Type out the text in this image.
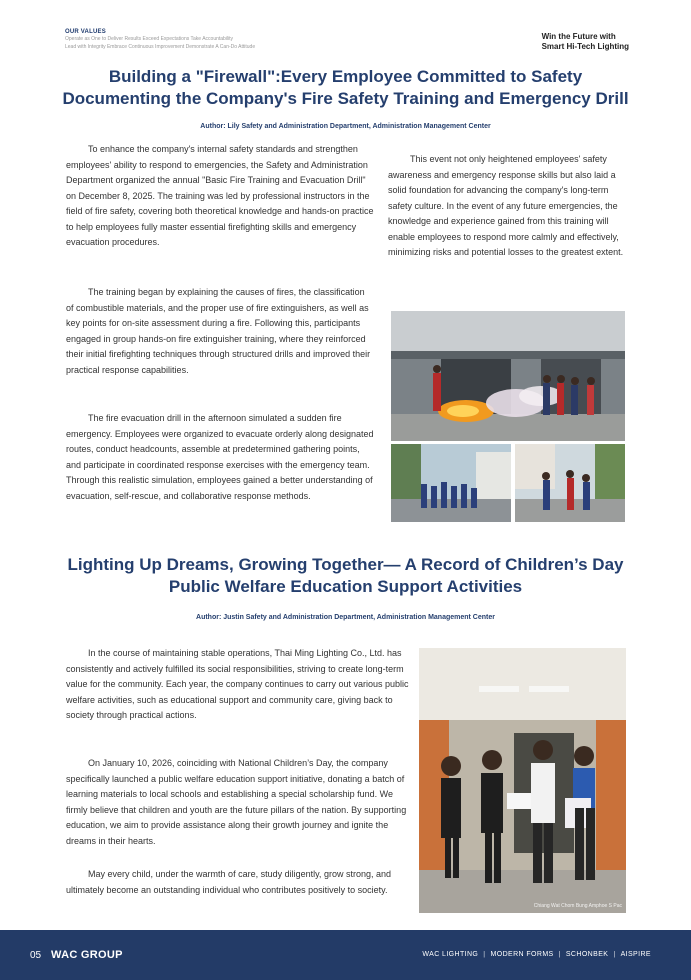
OUR VALUES
Operate as One to Deliver Results Exceed Expectations Take Accountability
Lead with Integrity Embrace Continuous Improvement Demonstrate A Can-Do Attitude
Win the Future with
Smart Hi-Tech Lighting
Building a "Firewall":Every Employee Committed to Safety
Documenting the Company's Fire Safety Training and Emergency Drill
Author: Lily Safety and Administration Department, Administration Management Center

To enhance the company's internal safety standards and strengthen employees' ability to respond to emergencies, the Safety and Administration Department organized the annual "Basic Fire Training and Evacuation Drill" on December 8, 2025. The training was led by professional instructors in the field of fire safety, covering both theoretical knowledge and hands-on practice to help employees fully master essential firefighting skills and emergency evacuation procedures.

The training began by explaining the causes of fires, the classification of combustible materials, and the proper use of fire extinguishers, as well as key points for on-site assessment during a fire. Following this, participants engaged in group hands-on fire extinguisher training, where they reinforced their initial firefighting techniques through structured drills and improved their practical response capabilities.

The fire evacuation drill in the afternoon simulated a sudden fire emergency. Employees were organized to evacuate orderly along designated routes, conduct headcounts, assemble at predetermined gathering points, and participate in coordinated response exercises with the emergency team. Through this realistic simulation, employees gained a better understanding of evacuation, self-rescue, and collaborative response methods.

This event not only heightened employees' safety awareness and emergency response skills but also laid a solid foundation for advancing the company's long-term safety culture. In the event of any future emergencies, the knowledge and experience gained from this training will enable employees to respond more calmly and effectively, minimizing risks and potential losses to the greatest extent.

Lighting Up Dreams, Growing Together— A Record of Children’s Day
Public Welfare Education Support Activities
Author: Justin Safety and Administration Department, Administration Management Center

In the course of maintaining stable operations, Thai Ming Lighting Co., Ltd. has consistently and actively fulfilled its social responsibilities, striving to create long-term value for the community. Each year, the company continues to carry out various public welfare activities, such as educational support and community care, giving back to society through practical actions.

On January 10, 2026, coinciding with National Children’s Day, the company specifically launched a public welfare education support initiative, donating a batch of learning materials to local schools and establishing a special scholarship fund. We firmly believe that children and youth are the future pillars of the nation. By supporting education, we aim to provide assistance along their growth journey and ignite the dreams in their hearts.

May every child, under the warmth of care, study diligently, grow strong, and ultimately become an outstanding individual who contributes positively to society.

Chiang Wat Chom Bung Amphoe S Pac
05 WAC GROUP	WAC LIGHTING | MODERN FORMS | SCHONBEK | AISPIRE
